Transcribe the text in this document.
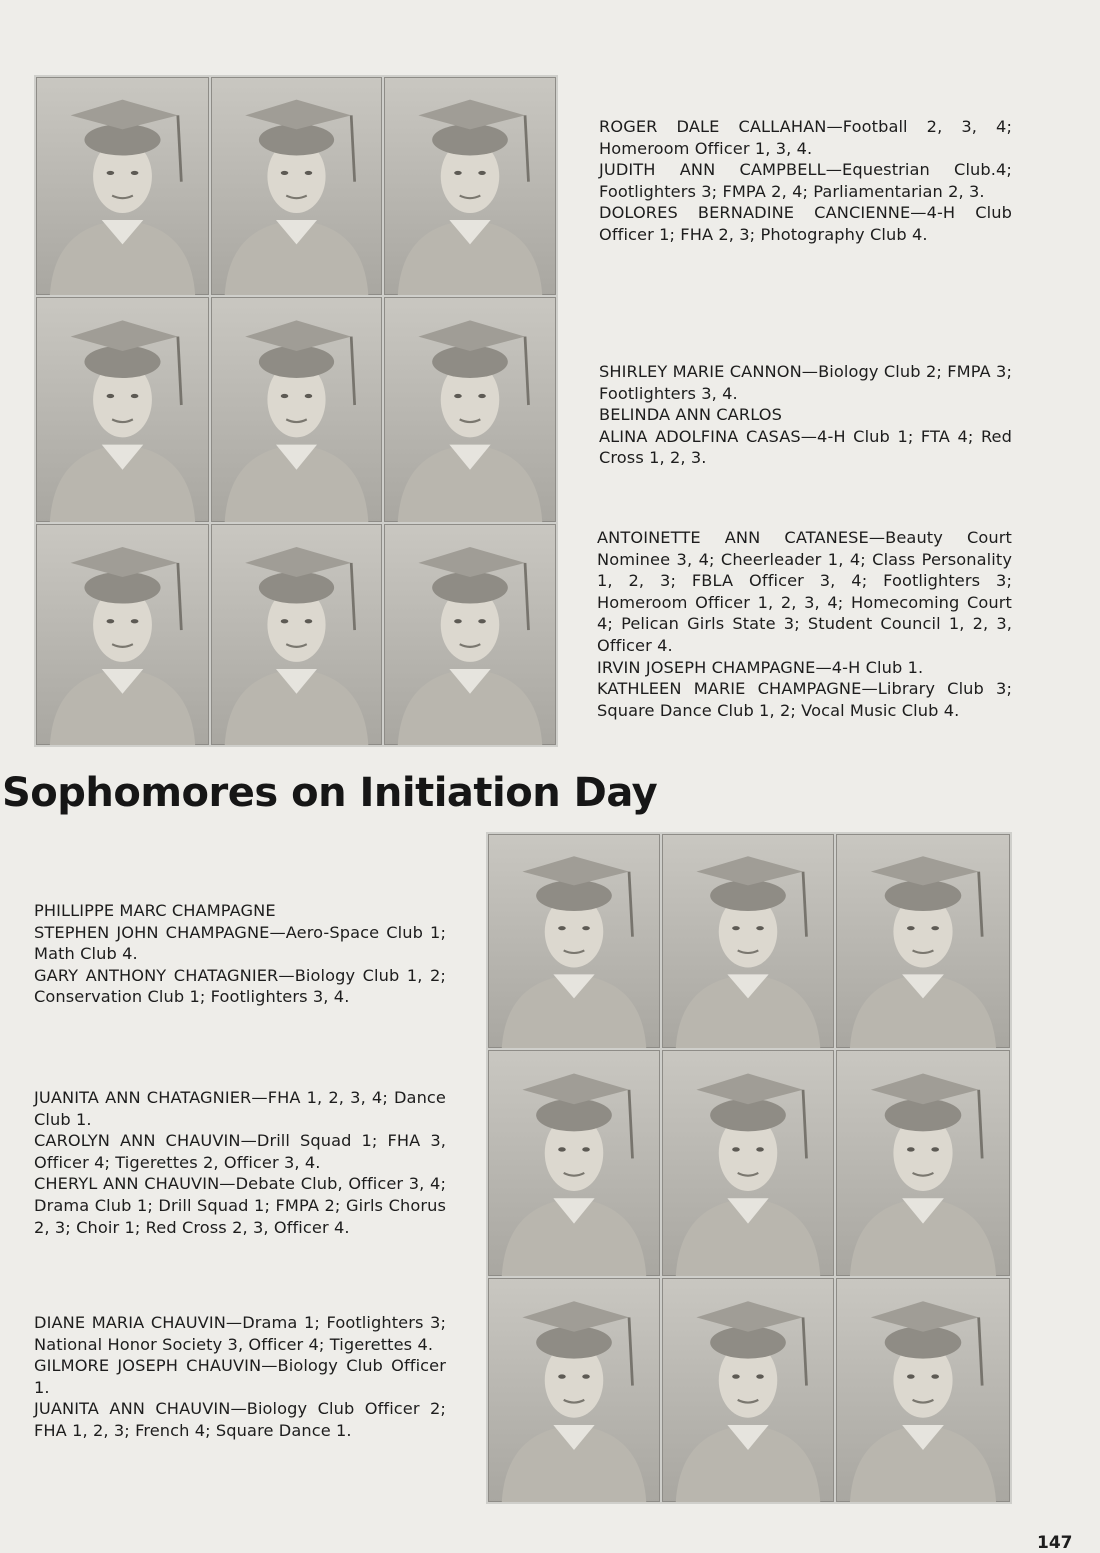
ROGER DALE CALLAHAN—Football 2, 3, 4; Homeroom Officer 1, 3, 4.
JUDITH ANN CAMPBELL—Equestrian Club.4; Footlighters 3; FMPA 2, 4; Parliamentarian 2, 3.
DOLORES BERNADINE CANCIENNE—4-H Club Officer 1; FHA 2, 3; Photography Club 4.
SHIRLEY MARIE CANNON—Biology Club 2; FMPA 3; Footlighters 3, 4.
BELINDA ANN CARLOS
ALINA ADOLFINA CASAS—4-H Club 1; FTA 4; Red Cross 1, 2, 3.
ANTOINETTE ANN CATANESE—Beauty Court Nominee 3, 4; Cheerleader 1, 4; Class Personality 1, 2, 3; FBLA Officer 3, 4; Footlighters 3; Homeroom Officer 1, 2, 3, 4; Homecoming Court 4; Pelican Girls State 3; Student Council 1, 2, 3, Officer 4.
IRVIN JOSEPH CHAMPAGNE—4-H Club 1.
KATHLEEN MARIE CHAMPAGNE—Library Club 3; Square Dance Club 1, 2; Vocal Music Club 4.
Sophomores on Initiation Day
PHILLIPPE MARC CHAMPAGNE
STEPHEN JOHN CHAMPAGNE—Aero-Space Club 1; Math Club 4.
GARY ANTHONY CHATAGNIER—Biology Club 1, 2; Conservation Club 1; Footlighters 3, 4.
JUANITA ANN CHATAGNIER—FHA 1, 2, 3, 4; Dance Club 1.
CAROLYN ANN CHAUVIN—Drill Squad 1; FHA 3, Officer 4; Tigerettes 2, Officer 3, 4.
CHERYL ANN CHAUVIN—Debate Club, Officer 3, 4; Drama Club 1; Drill Squad 1; FMPA 2; Girls Chorus 2, 3; Choir 1; Red Cross 2, 3, Officer 4.
DIANE MARIA CHAUVIN—Drama 1; Footlighters 3; National Honor Society 3, Officer 4; Tigerettes 4.
GILMORE JOSEPH CHAUVIN—Biology Club Officer 1.
JUANITA ANN CHAUVIN—Biology Club Officer 2; FHA 1, 2, 3; French 4; Square Dance 1.
147
